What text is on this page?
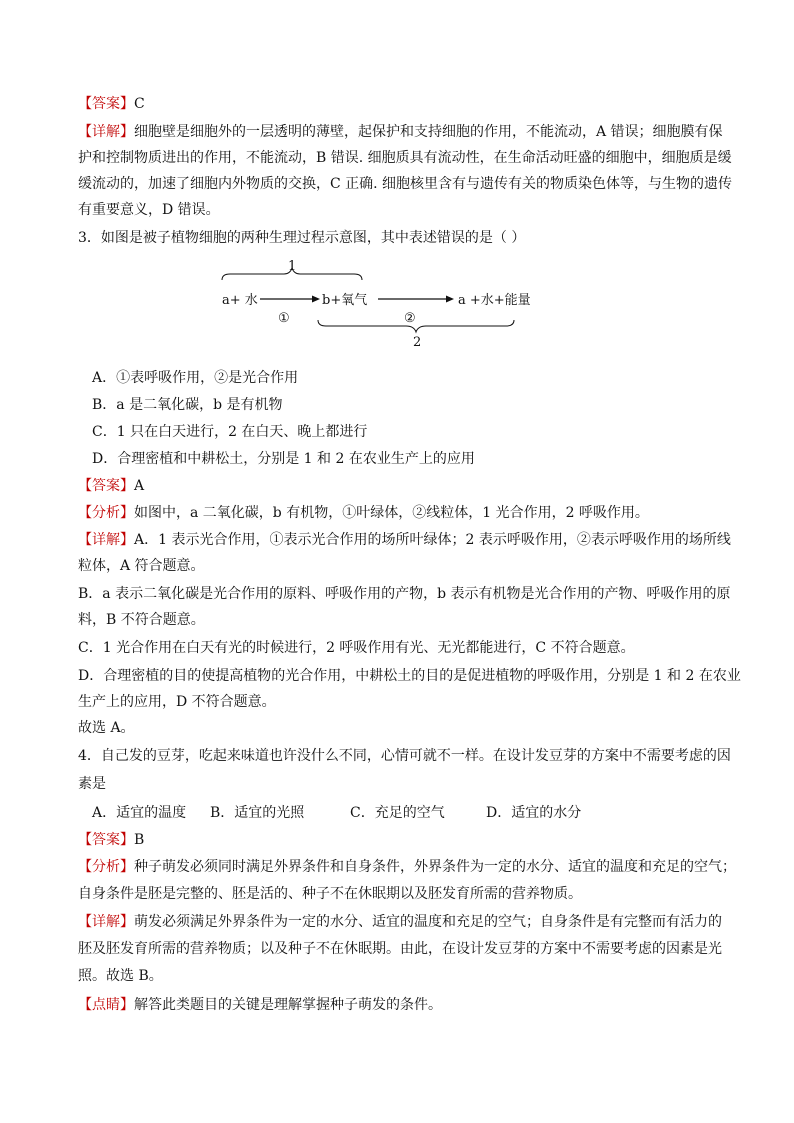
【答案】C
【详解】细胞壁是细胞外的一层透明的薄壁，起保护和支持细胞的作用，不能流动，A 错误；细胞膜有保
护和控制物质进出的作用，不能流动，B 错误. 细胞质具有流动性，在生命活动旺盛的细胞中，细胞质是缓
缓流动的，加速了细胞内外物质的交换，C 正确. 细胞核里含有与遗传有关的物质染色体等，与生物的遗传
有重要意义，D 错误。
3．如图是被子植物细胞的两种生理过程示意图，其中表述错误的是（ ）
1
a+ 水	b+氧气	a +水+能量
①	②
2
A．①表呼吸作用，②是光合作用
B．a 是二氧化碳，b 是有机物
C．1 只在白天进行，2 在白天、晚上都进行
D．合理密植和中耕松土，分别是 1 和 2 在农业生产上的应用
【答案】A
【分析】如图中，a 二氧化碳，b 有机物，①叶绿体，②线粒体，1 光合作用，2 呼吸作用。
【详解】A．1 表示光合作用，①表示光合作用的场所叶绿体；2 表示呼吸作用，②表示呼吸作用的场所线
粒体，A 符合题意。
B．a 表示二氧化碳是光合作用的原料、呼吸作用的产物，b 表示有机物是光合作用的产物、呼吸作用的原
料，B 不符合题意。
C．1 光合作用在白天有光的时候进行，2 呼吸作用有光、无光都能进行，C 不符合题意。
D．合理密植的目的使提高植物的光合作用，中耕松土的目的是促进植物的呼吸作用，分别是 1 和 2 在农业
生产上的应用，D 不符合题意。
故选 A。
4．自己发的豆芽，吃起来味道也许没什么不同，心情可就不一样。在设计发豆芽的方案中不需要考虑的因
素是
A．适宜的温度 B．适宜的光照	C．充足的空气	D．适宜的水分
【答案】B
【分析】种子萌发必须同时满足外界条件和自身条件，外界条件为一定的水分、适宜的温度和充足的空气；
自身条件是胚是完整的、胚是活的、种子不在休眠期以及胚发育所需的营养物质。
【详解】萌发必须满足外界条件为一定的水分、适宜的温度和充足的空气；自身条件是有完整而有活力的
胚及胚发育所需的营养物质；以及种子不在休眠期。由此，在设计发豆芽的方案中不需要考虑的因素是光
照。故选 B。
【点睛】解答此类题目的关键是理解掌握种子萌发的条件。
